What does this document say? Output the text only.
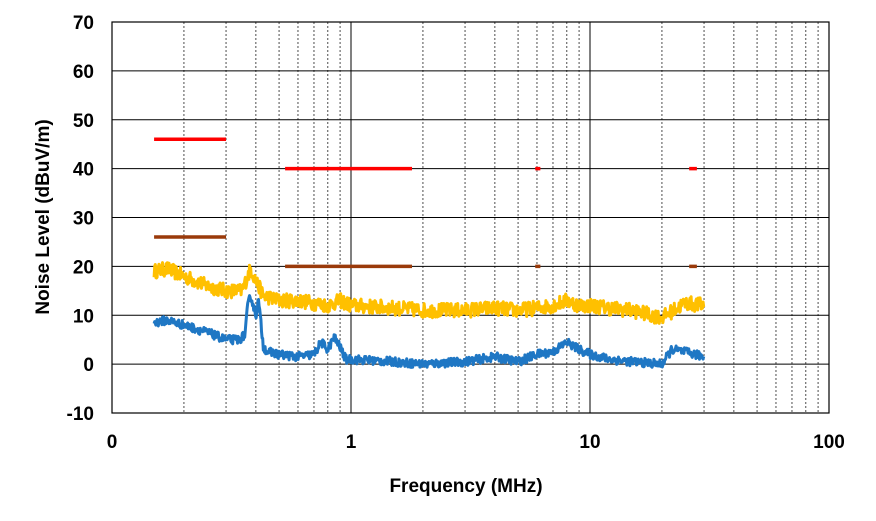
-10
0
10
20
30
40
50
60
70
0	1	10	100
Frequency (MHz)
Noise Level (dBuV/m)
